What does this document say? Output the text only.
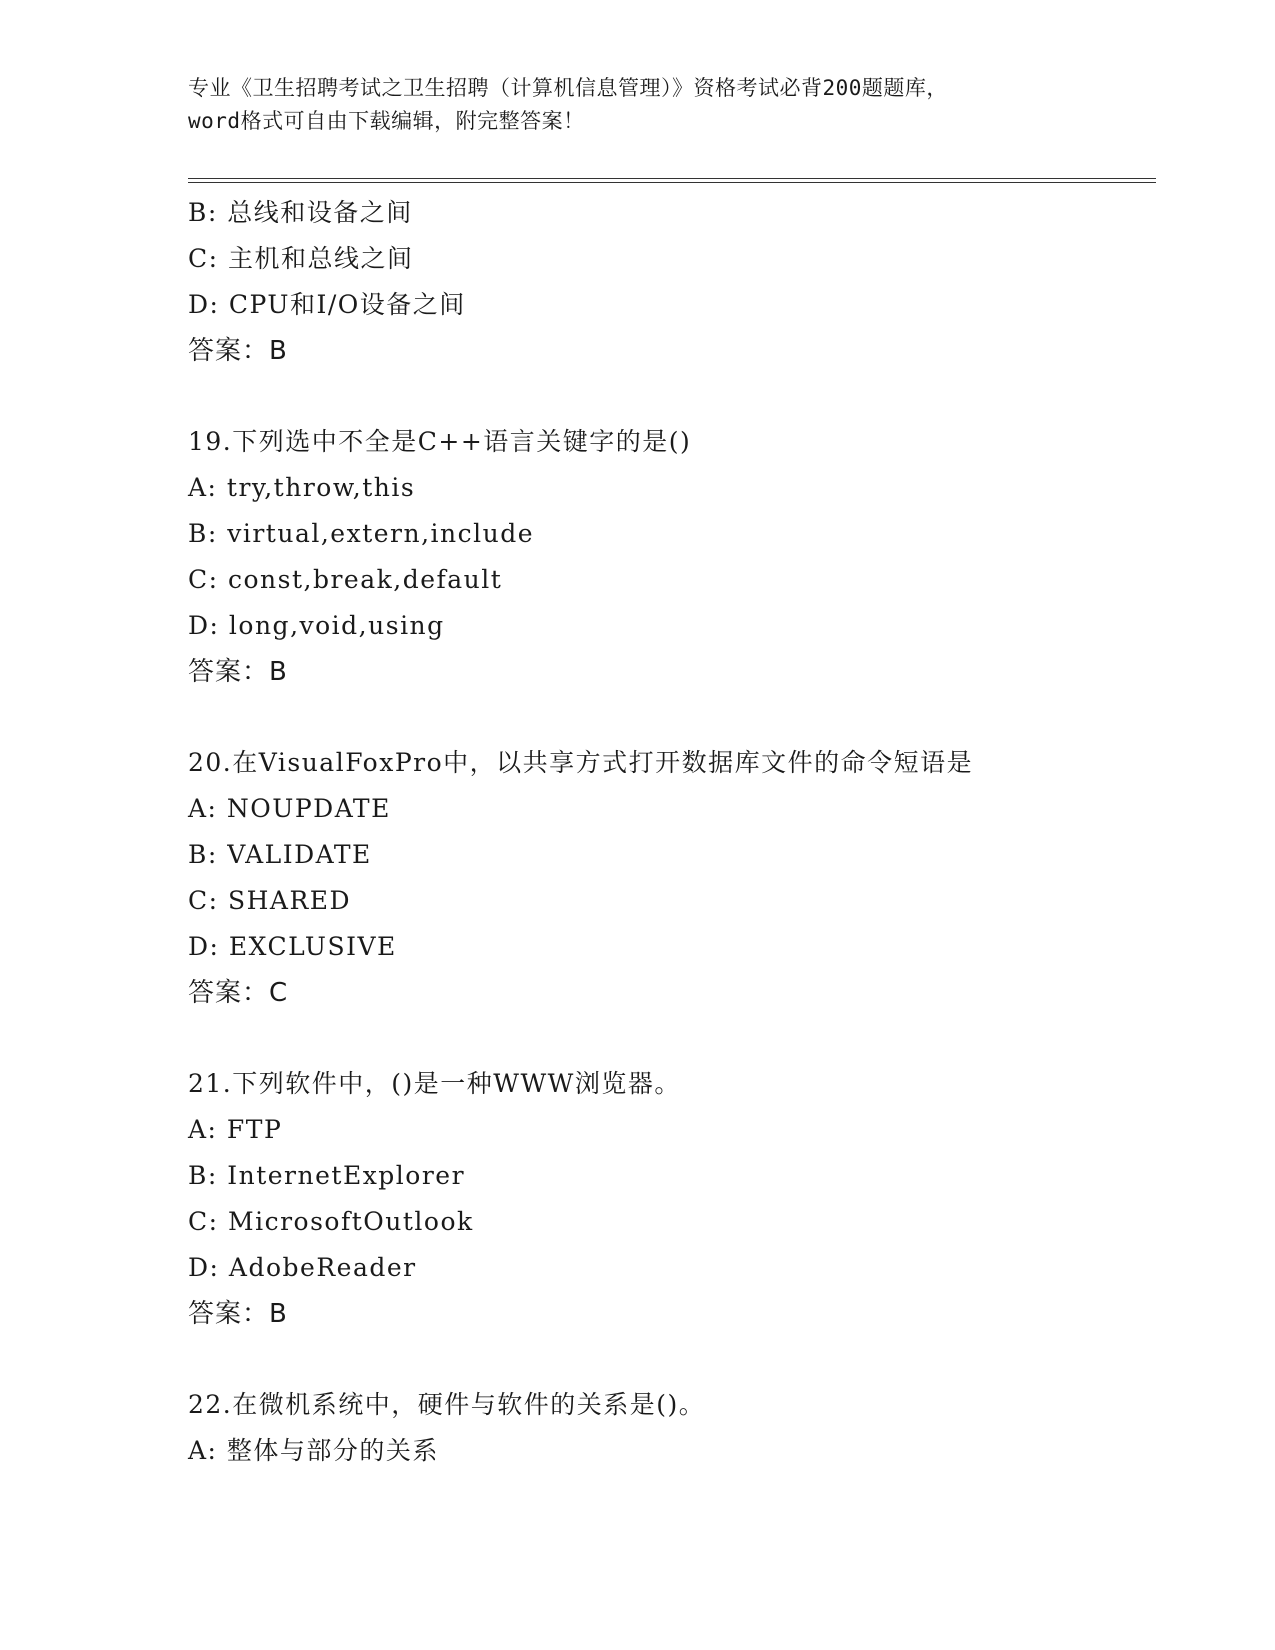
专业《卫生招聘考试之卫生招聘（计算机信息管理）》资格考试必背200题题库，
word格式可自由下载编辑，附完整答案！
B: 总线和设备之间
C: 主机和总线之间
D: CPU和I/O设备之间
答案：B
19.下列选中不全是C++语言关键字的是()
A: try,throw,this
B: virtual,extern,include
C: const,break,default
D: long,void,using
答案：B
20.在VisualFoxPro中，以共享方式打开数据库文件的命令短语是
A: NOUPDATE
B: VALIDATE
C: SHARED
D: EXCLUSIVE
答案：C
21.下列软件中，()是一种WWW浏览器。
A: FTP
B: InternetExplorer
C: MicrosoftOutlook
D: AdobeReader
答案：B
22.在微机系统中，硬件与软件的关系是()。
A: 整体与部分的关系
